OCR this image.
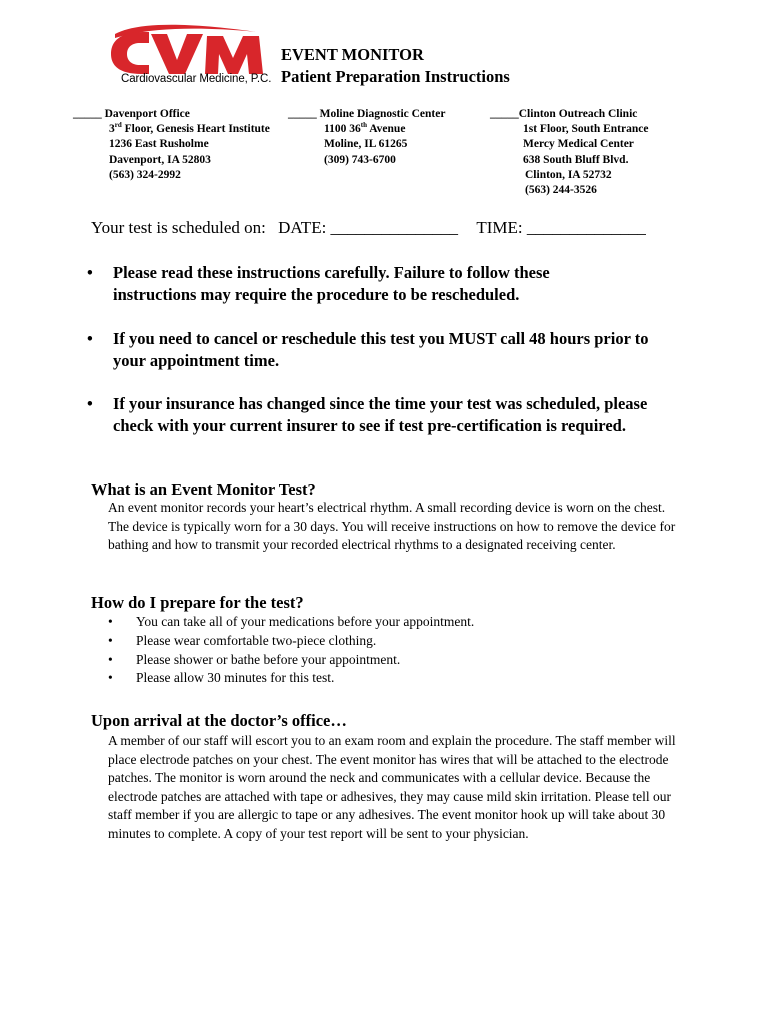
Cardiovascular Medicine, P.C.
EVENT MONITOR
Patient Preparation Instructions
_____ Davenport Office
3rd Floor, Genesis Heart Institute
1236 East Rusholme
Davenport, IA 52803
(563) 324-2992
_____ Moline Diagnostic Center
1100 36th Avenue
Moline, IL 61265
(309) 743-6700
_____Clinton Outreach Clinic
1st Floor, South Entrance
Mercy Medical Center
638 South Bluff Blvd.
Clinton, IA 52732
(563) 244-3526
Your test is scheduled on: DATE: _______________ TIME: ______________
• Please read these instructions carefully. Failure to follow these instructions may require the procedure to be rescheduled.
• If you need to cancel or reschedule this test you MUST call 48 hours prior to your appointment time.
• If your insurance has changed since the time your test was scheduled, please check with your current insurer to see if test pre-certification is required.
What is an Event Monitor Test?
An event monitor records your heart’s electrical rhythm. A small recording device is worn on the chest. The device is typically worn for a 30 days. You will receive instructions on how to remove the device for bathing and how to transmit your recorded electrical rhythms to a designated receiving center.
How do I prepare for the test?
• You can take all of your medications before your appointment.
• Please wear comfortable two-piece clothing.
• Please shower or bathe before your appointment.
• Please allow 30 minutes for this test.
Upon arrival at the doctor’s office…
A member of our staff will escort you to an exam room and explain the procedure. The staff member will place electrode patches on your chest. The event monitor has wires that will be attached to the electrode patches. The monitor is worn around the neck and communicates with a cellular device. Because the electrode patches are attached with tape or adhesives, they may cause mild skin irritation. Please tell our staff member if you are allergic to tape or any adhesives. The event monitor hook up will take about 30 minutes to complete. A copy of your test report will be sent to your physician.
